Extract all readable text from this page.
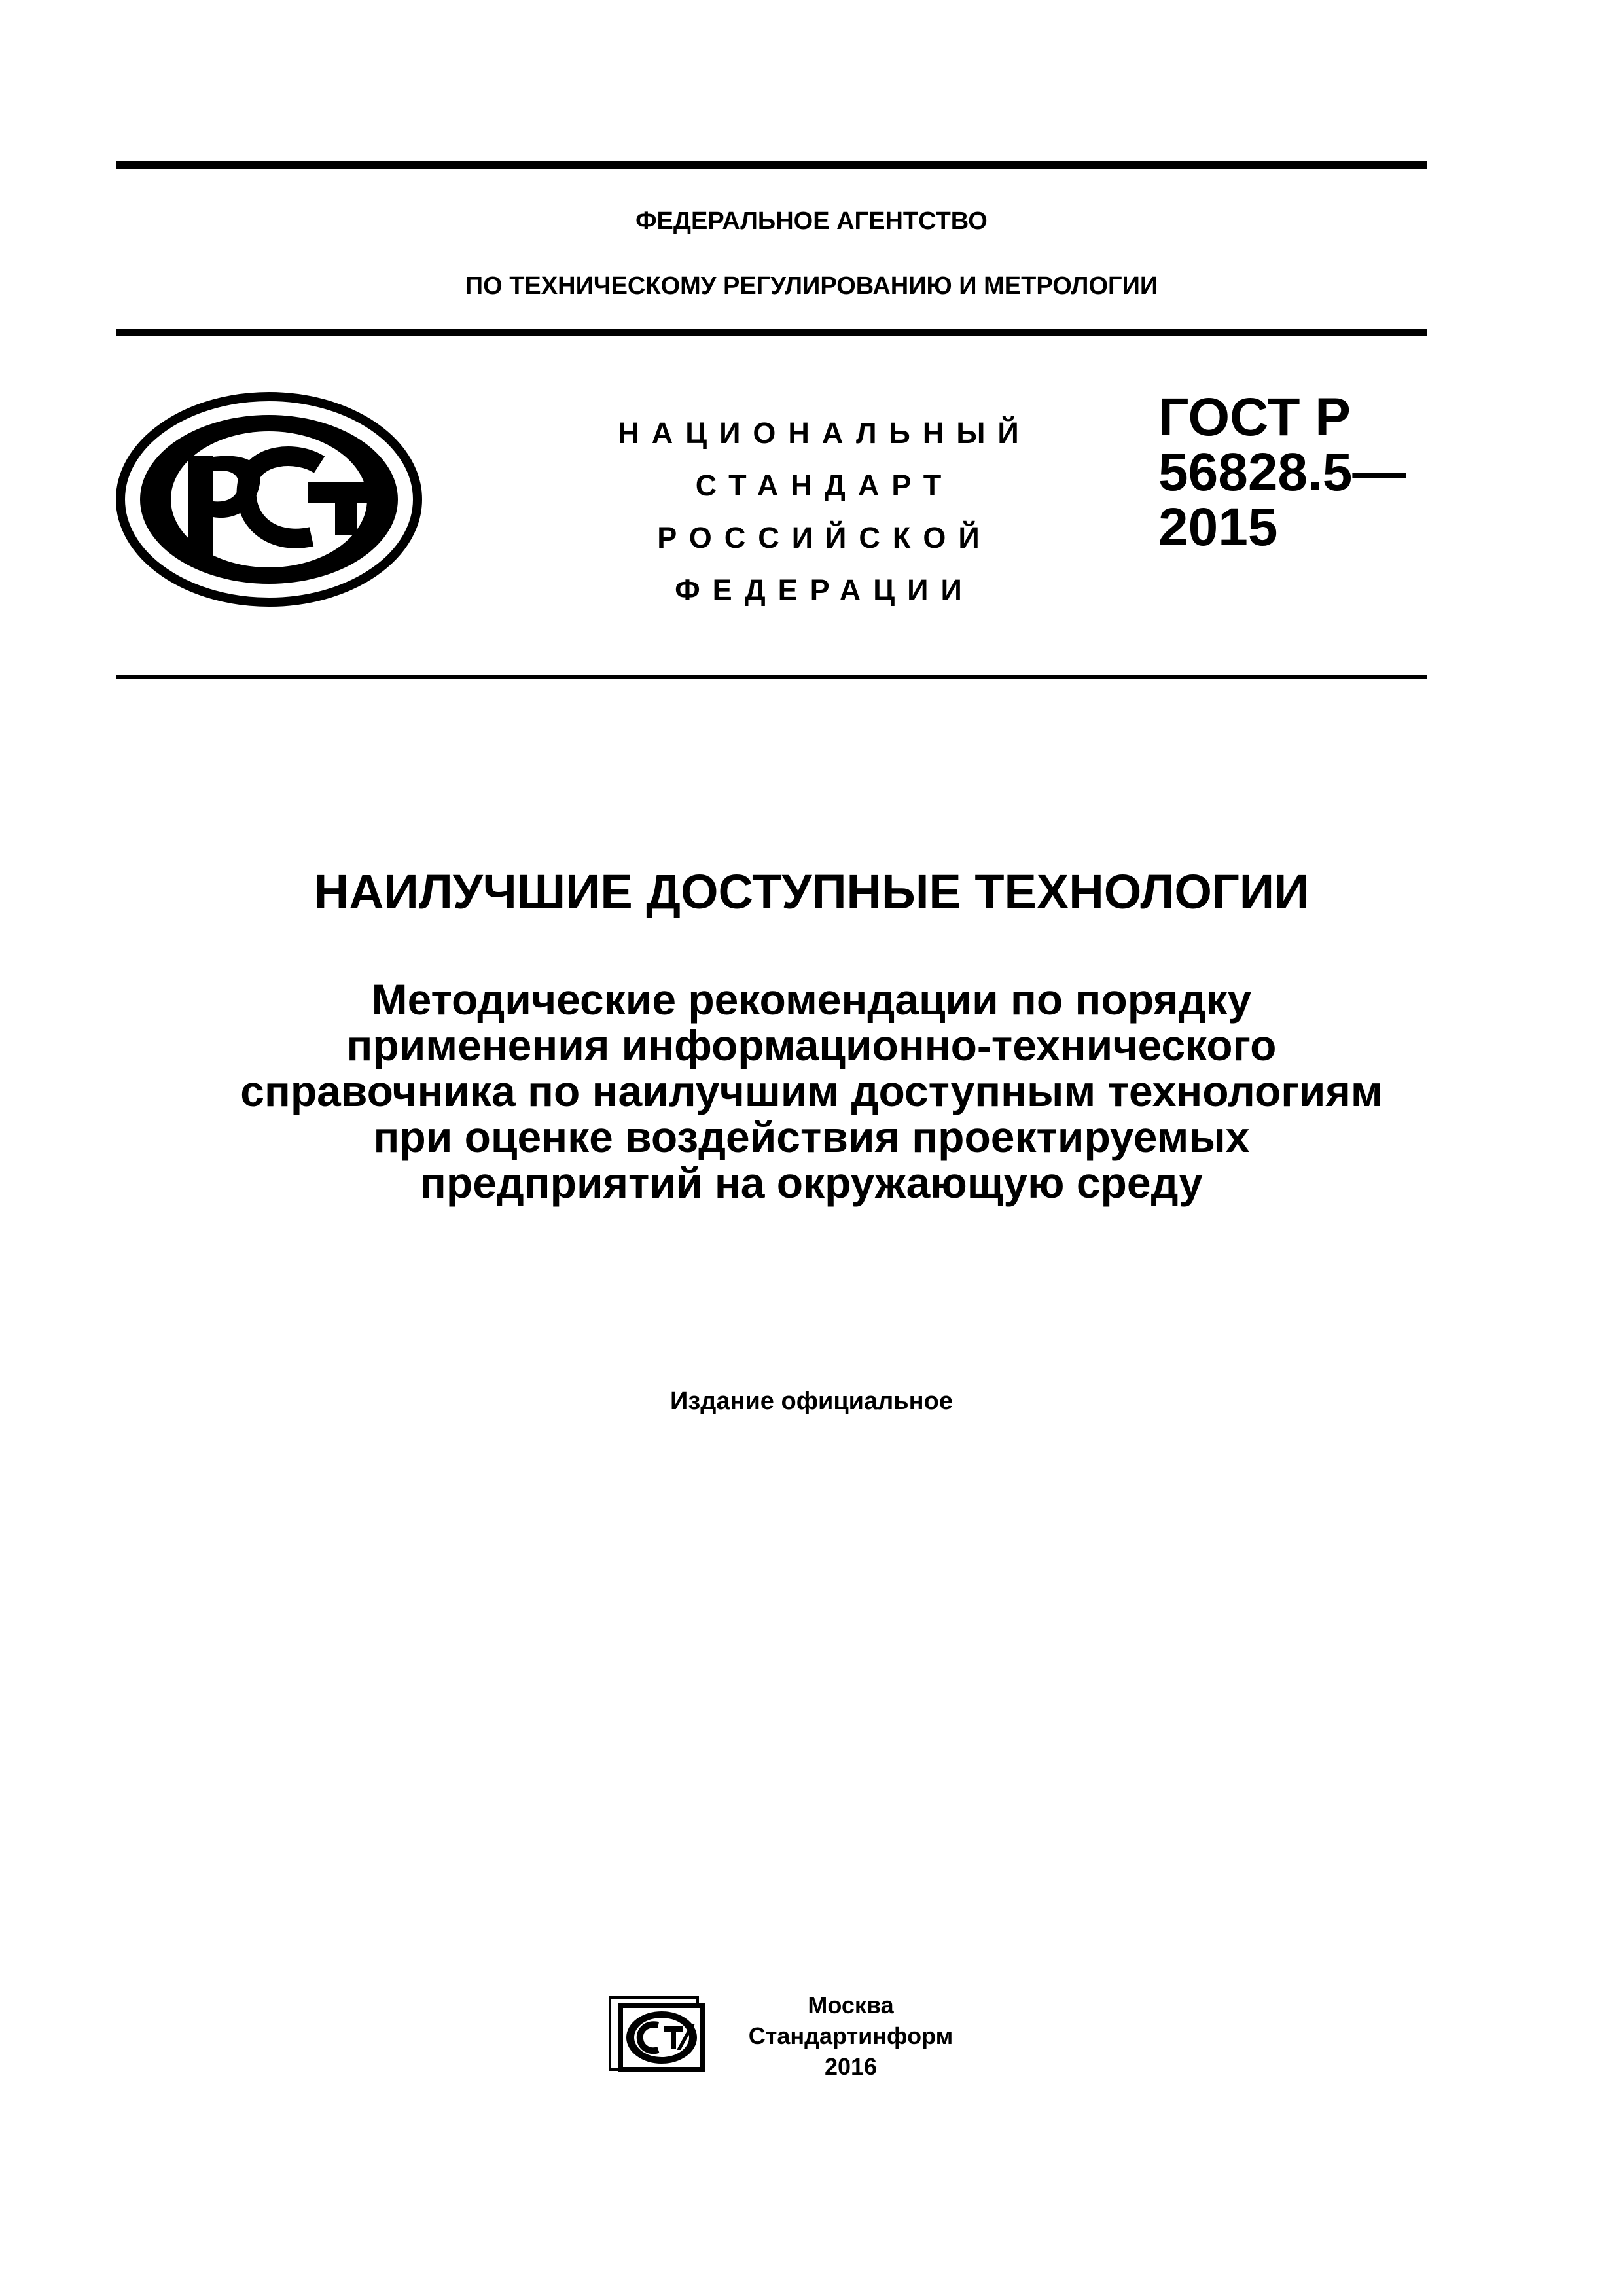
ФЕДЕРАЛЬНОЕ АГЕНТСТВО
ПО ТЕХНИЧЕСКОМУ РЕГУЛИРОВАНИЮ И МЕТРОЛОГИИ
НАЦИОНАЛЬНЫЙ
СТАНДАРТ
РОССИЙСКОЙ
ФЕДЕРАЦИИ
ГОСТ Р
56828.5—
2015
НАИЛУЧШИЕ ДОСТУПНЫЕ ТЕХНОЛОГИИ
Методические рекомендации по порядку
применения информационно-технического
справочника по наилучшим доступным технологиям
при оценке воздействия проектируемых
предприятий на окружающую среду
Издание официальное
Москва
Стандартинформ
2016
